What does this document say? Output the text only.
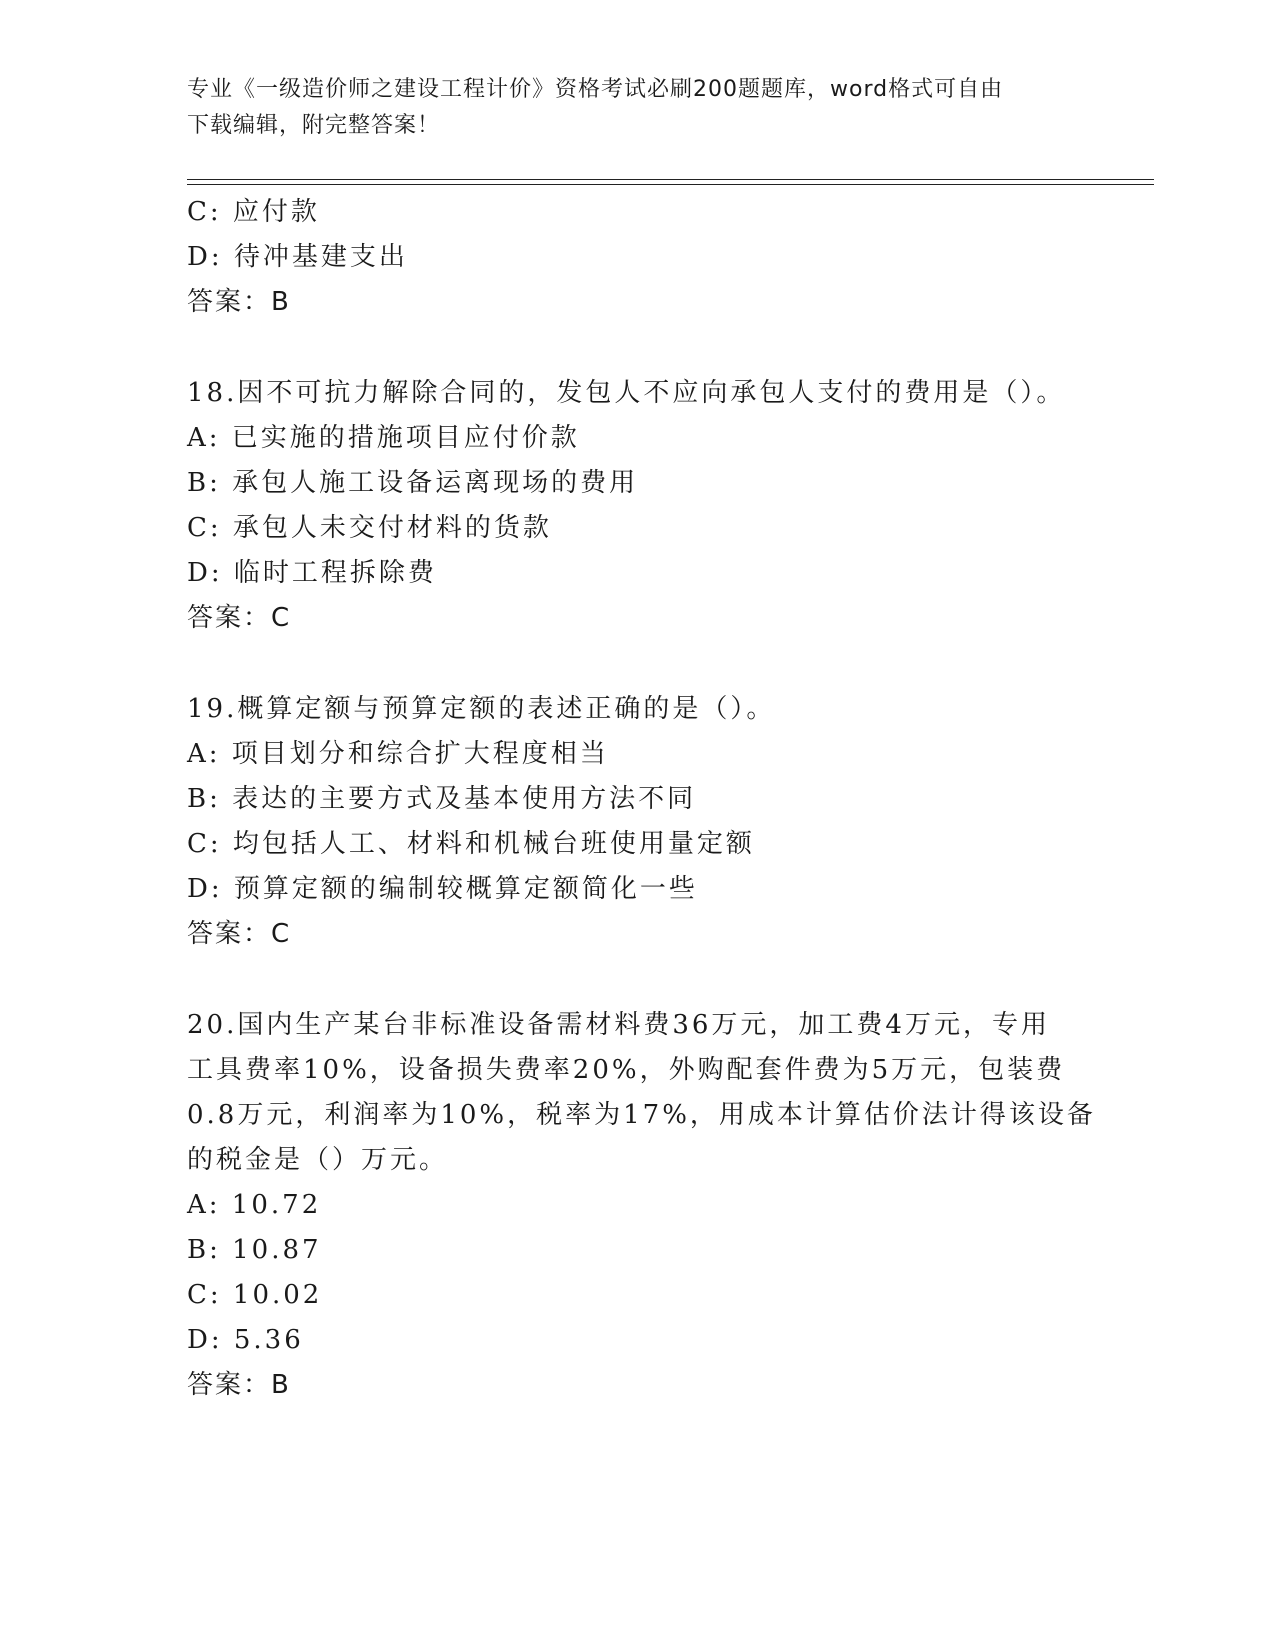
专业《一级造价师之建设工程计价》资格考试必刷200题题库，word格式可自由
下载编辑，附完整答案！
C: 应付款
D: 待冲基建支出
答案：B
18.因不可抗力解除合同的，发包人不应向承包人支付的费用是（）。
A: 已实施的措施项目应付价款
B: 承包人施工设备运离现场的费用
C: 承包人未交付材料的货款
D: 临时工程拆除费
答案：C
19.概算定额与预算定额的表述正确的是（）。
A: 项目划分和综合扩大程度相当
B: 表达的主要方式及基本使用方法不同
C: 均包括人工、材料和机械台班使用量定额
D: 预算定额的编制较概算定额简化一些
答案：C
20.国内生产某台非标准设备需材料费36万元，加工费4万元，专用
工具费率10%，设备损失费率20%，外购配套件费为5万元，包装费
0.8万元，利润率为10%，税率为17%，用成本计算估价法计得该设备
的税金是（）万元。
A: 10.72
B: 10.87
C: 10.02
D: 5.36
答案：B
